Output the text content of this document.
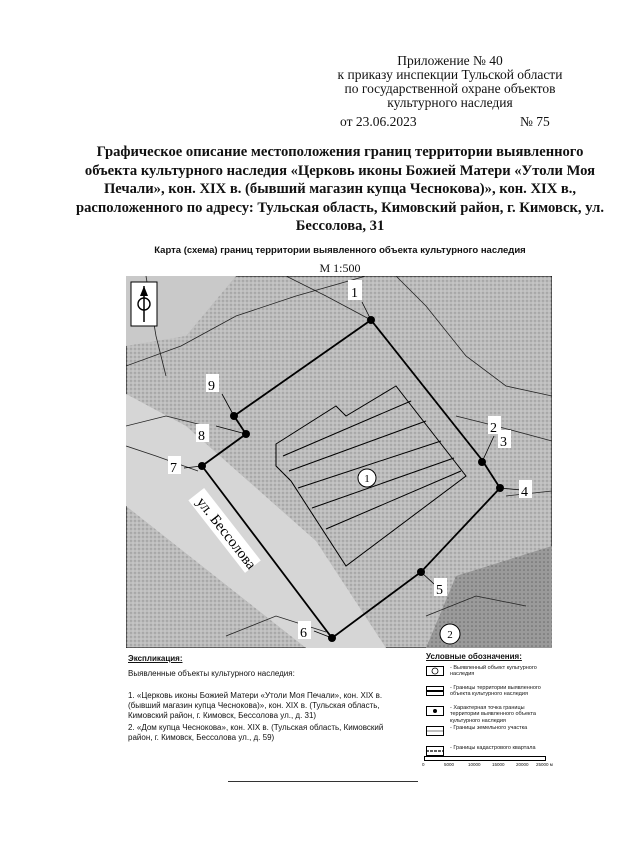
Приложение № 40
к приказу инспекции Тульской области
по государственной охране объектов
культурного наследия
от 23.06.2023	№ 75
Графическое описание местоположения границ территории выявленного объекта культурного наследия «Церковь иконы Божией Матери «Утоли Моя Печали», кон. XIX в. (бывший магазин купца Чеснокова)», кон. XIX в., расположенного по адресу: Тульская область, Кимовский район, г. Кимовск, ул. Бессолова, 31
Карта (схема) границ территории выявленного объекта культурного наследия
М 1:500
1
2
1
2
3
4
5
6
7
8
9
ул. Бессолова
Экспликация:
Выявленные объекты культурного наследия:
1. «Церковь иконы Божией Матери «Утоли Моя Печали», кон. XIX в. (бывший магазин купца Чеснокова)», кон. XIX в. (Тульская область, Кимовский район, г. Кимовск, Бессолова ул., д. 31)
2. «Дом купца Чеснокова», кон. XIX в. (Тульская область, Кимовский район, г. Кимовск, Бессолова ул., д. 59)
Условные обозначения:
- Выявленный объект культурного наследия
- Границы территории выявленного объекта культурного наследия
- Характерная точка границы территории выявленного объекта культурного наследия
- Границы земельного участка
- Границы кадастрового квартала
0	5000	10000	15000	20000 25000 м
